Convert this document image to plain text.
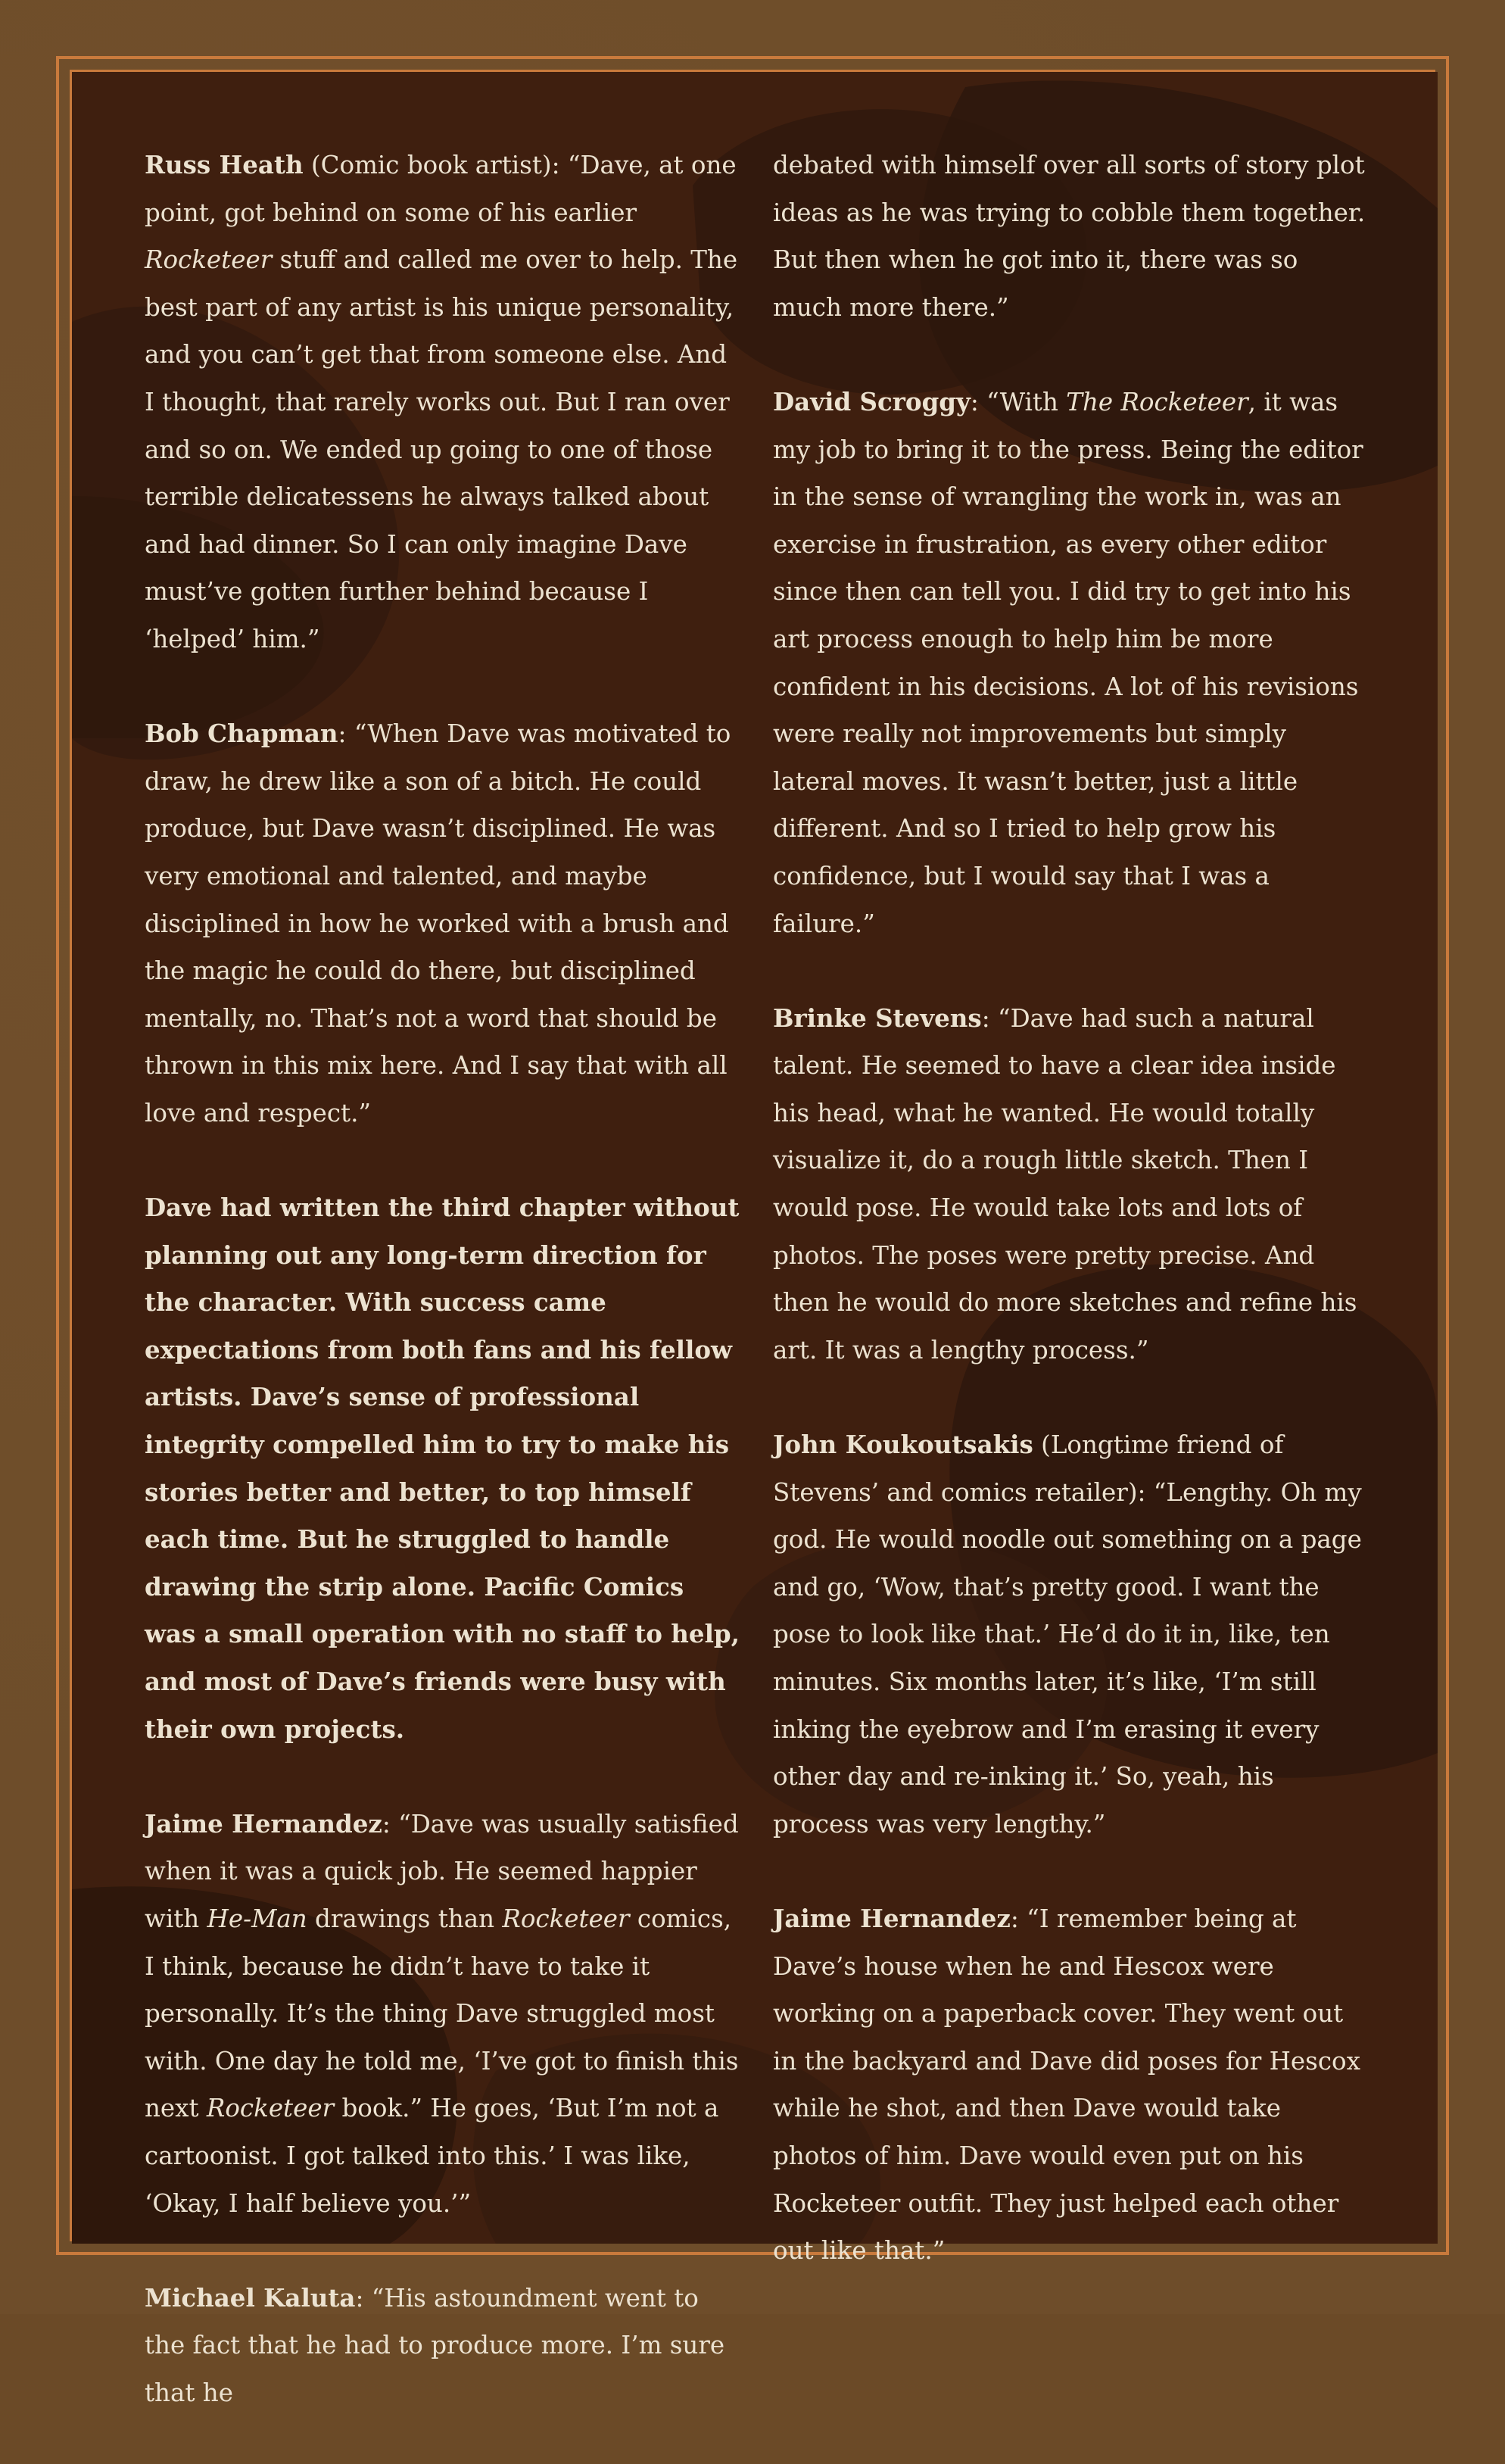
Russ Heath (Comic book artist): “Dave, at one point, got behind on some of his earlier Rocketeer stuff and called me over to help. The best part of any artist is his unique personality, and you can’t get that from someone else. And I thought, that rarely works out. But I ran over and so on. We ended up going to one of those terrible delicatessens he always talked about and had dinner. So I can only imagine Dave must’ve gotten further behind because I ‘helped’ him.”

Bob Chapman: “When Dave was motivated to draw, he drew like a son of a bitch. He could produce, but Dave wasn’t disciplined. He was very emotional and talented, and maybe disciplined in how he worked with a brush and the magic he could do there, but disciplined mentally, no. That’s not a word that should be thrown in this mix here. And I say that with all love and respect.”

Dave had written the third chapter without planning out any long-term direction for the character. With success came expectations from both fans and his fellow artists. Dave’s sense of professional integrity compelled him to try to make his stories better and better, to top himself each time. But he struggled to handle drawing the strip alone. Pacific Comics was a small operation with no staff to help, and most of Dave’s friends were busy with their own projects.

Jaime Hernandez: “Dave was usually satisfied when it was a quick job. He seemed happier with He-Man drawings than Rocketeer comics, I think, because he didn’t have to take it personally. It’s the thing Dave struggled most with. One day he told me, ‘I’ve got to finish this next Rocketeer book.” He goes, ‘But I’m not a cartoonist. I got talked into this.’ I was like, ‘Okay, I half believe you.’”

Michael Kaluta: “His astoundment went to the fact that he had to produce more. I’m sure that he

debated with himself over all sorts of story plot ideas as he was trying to cobble them together. But then when he got into it, there was so much more there.”

David Scroggy: “With The Rocketeer, it was my job to bring it to the press. Being the editor in the sense of wrangling the work in, was an exercise in frustration, as every other editor since then can tell you. I did try to get into his art process enough to help him be more confident in his decisions. A lot of his revisions were really not improvements but simply lateral moves. It wasn’t better, just a little different. And so I tried to help grow his confidence, but I would say that I was a failure.”

Brinke Stevens: “Dave had such a natural talent. He seemed to have a clear idea inside his head, what he wanted. He would totally visualize it, do a rough little sketch. Then I would pose. He would take lots and lots of photos. The poses were pretty precise. And then he would do more sketches and refine his art. It was a lengthy process.”

John Koukoutsakis (Longtime friend of Stevens’ and comics retailer): “Lengthy. Oh my god. He would noodle out something on a page and go, ‘Wow, that’s pretty good. I want the pose to look like that.’ He’d do it in, like, ten minutes. Six months later, it’s like, ‘I’m still inking the eyebrow and I’m erasing it every other day and re-inking it.’ So, yeah, his process was very lengthy.”

Jaime Hernandez: “I remember being at Dave’s house when he and Hescox were working on a paperback cover. They went out in the backyard and Dave did poses for Hescox while he shot, and then Dave would take photos of him. Dave would even put on his Rocketeer outfit. They just helped each other out like that.”
